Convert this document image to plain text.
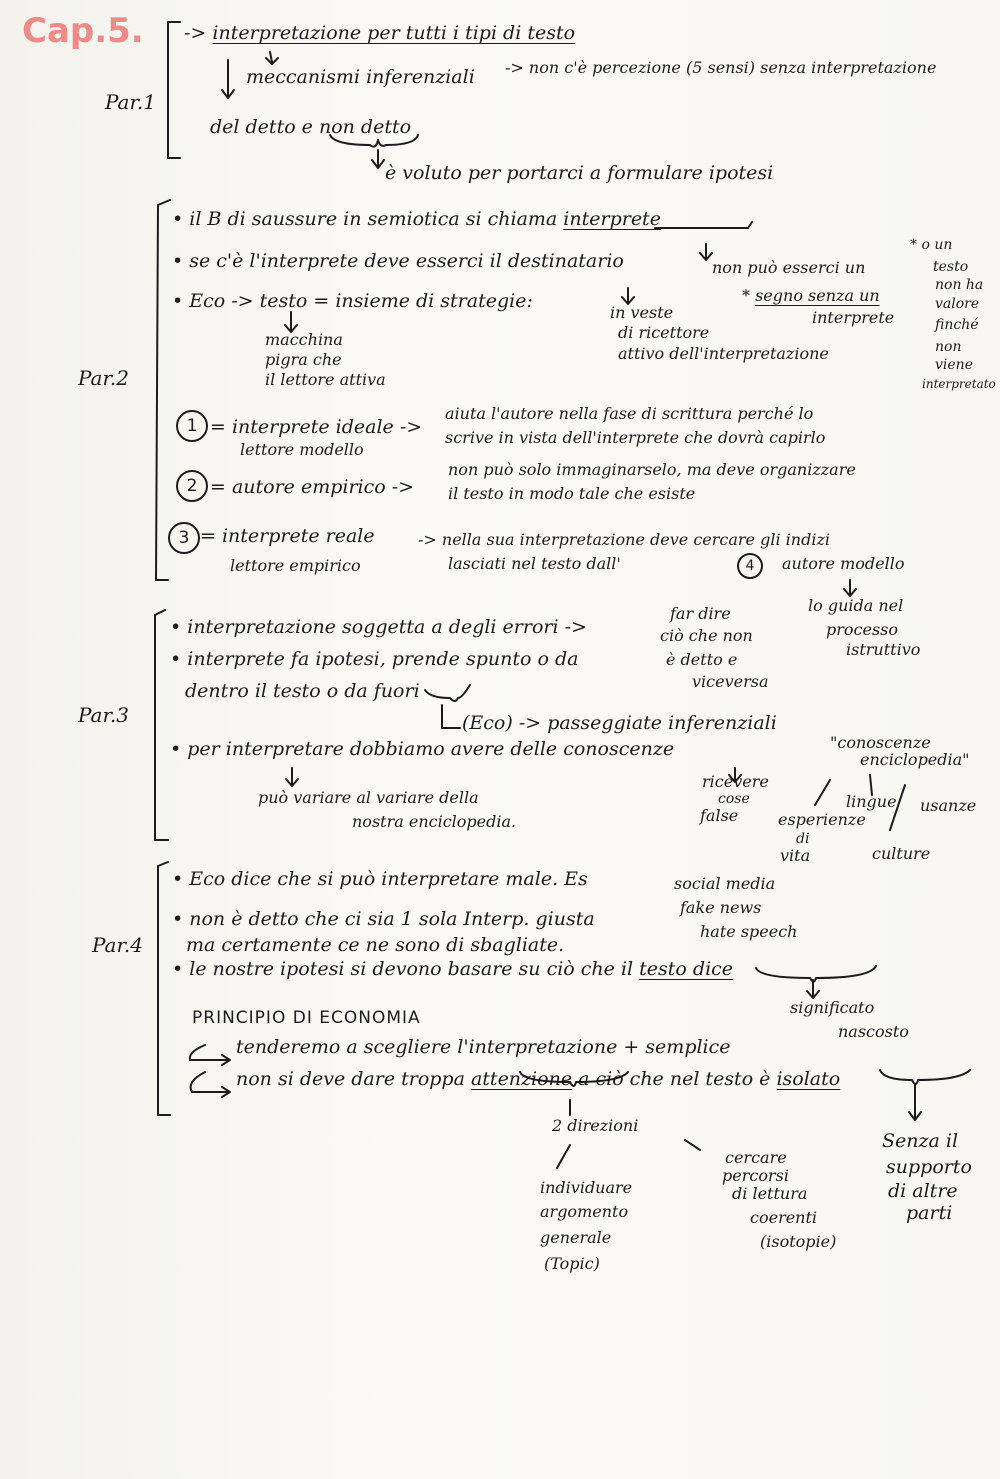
Cap.5.
Par.1
-> interpretazione per tutti i tipi di testo
meccanismi inferenziali -> non c'è percezione (5 sensi) senza interpretazione
del detto e non detto
è voluto per portarci a formulare ipotesi
Par.2
• il B di saussure in semiotica si chiama interprete
• se c'è l'interprete deve esserci il destinatario	non può esserci un
* segno senza un
interprete
* o un
testo
non ha
valore
finché
non
viene
interpretato
• Eco -> testo = insieme di strategie:
macchina
pigra che
il lettore attiva
in veste
di ricettore
attivo dell'interpretazione
1 = interprete ideale ->
lettore modello
aiuta l'autore nella fase di scrittura perché lo
scrive in vista dell'interprete che dovrà capirlo
2 = autore empirico ->
non può solo immaginarselo, ma deve organizzare
il testo in modo tale che esiste
3 = interprete reale
lettore empirico
-> nella sua interpretazione deve cercare gli indizi
lasciati nel testo dall'	4	autore modello
lo guida nel
processo
istruttivo
Par.3
• interpretazione soggetta a degli errori ->
far dire
ciò che non
è detto e
viceversa
• interprete fa ipotesi, prende spunto o da
dentro il testo o da fuori
(Eco) -> passeggiate inferenziali
• per interpretare dobbiamo avere delle conoscenze	"conoscenze
enciclopedia"
può variare al variare della
nostra enciclopedia.
ricevere
cose
false esperienze
di
vita
lingue usanze
culture
Par.4
• Eco dice che si può interpretare male. Es	social media
fake news
hate speech
• non è detto che ci sia 1 sola Interp. giusta
ma certamente ce ne sono di sbagliate.
• le nostre ipotesi si devono basare su ciò che il testo dice
PRINCIPIO DI ECONOMIA
significato
nascosto
tenderemo a scegliere l'interpretazione + semplice
non si deve dare troppa attenzione a ciò che nel testo è isolato
2 direzioni
individuare
argomento
generale
(Topic)
cercare
percorsi
di lettura
coerenti
(isotopie)
Senza il
supporto
di altre
parti
